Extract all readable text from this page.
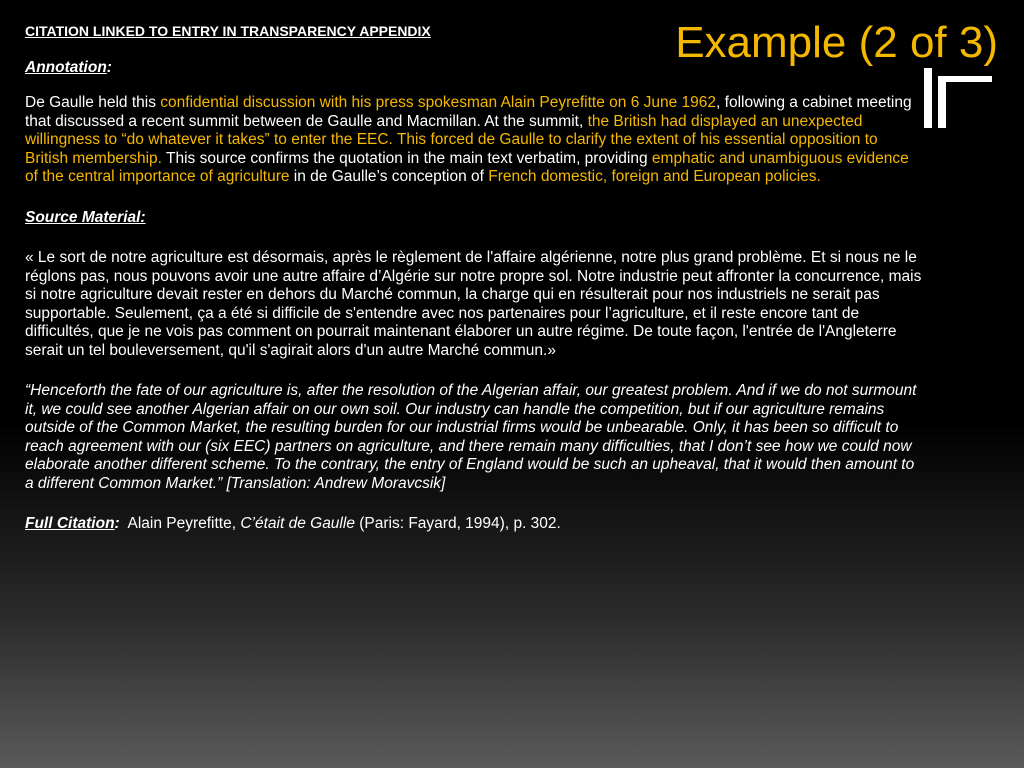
Example (2 of 3)

CITATION LINKED TO ENTRY IN TRANSPARENCY APPENDIX

Annotation:

De Gaulle held this confidential discussion with his press spokesman Alain Peyrefitte on 6 June 1962, following a cabinet meeting that discussed a recent summit between de Gaulle and Macmillan. At the summit, the British had displayed an unexpected willingness to “do whatever it takes” to enter the EEC. This forced de Gaulle to clarify the extent of his essential opposition to British membership. This source confirms the quotation in the main text verbatim, providing emphatic and unambiguous evidence of the central importance of agriculture in de Gaulle’s conception of French domestic, foreign and European policies.

Source Material:

« Le sort de notre agriculture est désormais, après le règlement de l'affaire algérienne, notre plus grand problème. Et si nous ne le réglons pas, nous pouvons avoir une autre affaire d’Algérie sur notre propre sol. Notre industrie peut affronter la concurrence, mais si notre agriculture devait rester en dehors du Marché commun, la charge qui en résulterait pour nos industriels ne serait pas supportable. Seulement, ça a été si difficile de s'entendre avec nos partenaires pour l’agriculture, et il reste encore tant de difficultés, que je ne vois pas comment on pourrait maintenant élaborer un autre régime. De toute façon, l'entrée de l'Angleterre serait un tel bouleversement, qu'il s'agirait alors d'un autre Marché commun.»

“Henceforth the fate of our agriculture is, after the resolution of the Algerian affair, our greatest problem. And if we do not surmount it, we could see another Algerian affair on our own soil. Our industry can handle the competition, but if our agriculture remains outside of the Common Market, the resulting burden for our industrial firms would be unbearable. Only, it has been so difficult to reach agreement with our (six EEC) partners on agriculture, and there remain many difficulties, that I don’t see how we could now elaborate another different scheme. To the contrary, the entry of England would be such an upheaval, that it would then amount to a different Common Market.” [Translation: Andrew Moravcsik]

Full Citation: Alain Peyrefitte, C’était de Gaulle (Paris: Fayard, 1994), p. 302.
